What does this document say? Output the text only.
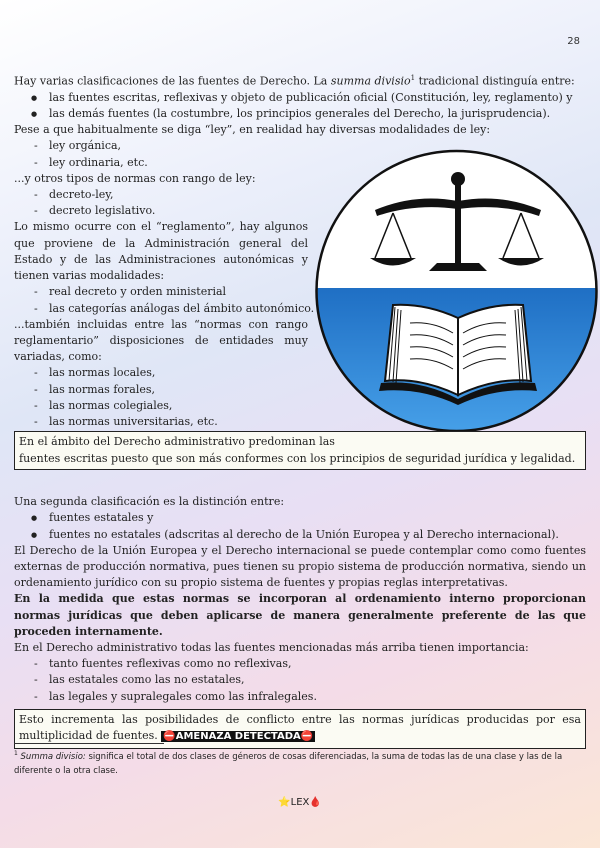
28

Hay varias clasificaciones de las fuentes de Derecho. La summa divisio$^1$ tradicional distinguía entre:

● las fuentes escritas, reflexivas y objeto de publicación oficial (Constitución, ley, reglamento) y
● las demás fuentes (la costumbre, los principios generales del Derecho, la jurisprudencia).

Pese a que habitualmente se diga “ley”, en realidad hay diversas modalidades de ley:

- ley orgánica,
- ley ordinaria, etc.

...y otros tipos de normas con rango de ley:

- decreto-ley,
- decreto legislativo.

Lo mismo ocurre con el “reglamento”, hay algunos que proviene de la Administración general del Estado y de las Administraciones autonómicas y tienen varias modalidades:

- real decreto y orden ministerial
- las categorías análogas del ámbito autonómico.

...también incluidas entre las “normas con rango reglamentario” disposiciones de entidades muy variadas, como:

- las normas locales,
- las normas forales,
- las normas colegiales,
- las normas universitarias, etc.
En el ámbito del Derecho administrativo predominan las
fuentes escritas puesto que son más conformes con los principios de seguridad jurídica y legalidad.

Una segunda clasificación es la distinción entre:

● fuentes estatales y
● fuentes no estatales (adscritas al derecho de la Unión Europea y al Derecho internacional).

El Derecho de la Unión Europea y el Derecho internacional se puede contemplar como como fuentes externas de producción normativa, pues tienen su propio sistema de producción normativa, siendo un ordenamiento jurídico con su propio sistema de fuentes y propias reglas interpretativas.

En la medida que estas normas se incorporan al ordenamiento interno proporcionan normas jurídicas que deben aplicarse de manera generalmente preferente de las que proceden internamente.

En el Derecho administrativo todas las fuentes mencionadas más arriba tienen importancia:

- tanto fuentes reflexivas como no reflexivas,
- las estatales como las no estatales,
- las legales y supralegales como las infralegales.
Esto incrementa las posibilidades de conflicto entre las normas jurídicas producidas por esa multiplicidad de fuentes. ⛔AMENAZA DETECTADA⛔
$^1$ Summa divisio: significa el total de dos clases de géneros de cosas diferenciadas, la suma de todas las de una clase y las de la diferente o la otra clase.
⭐LEX🩸
